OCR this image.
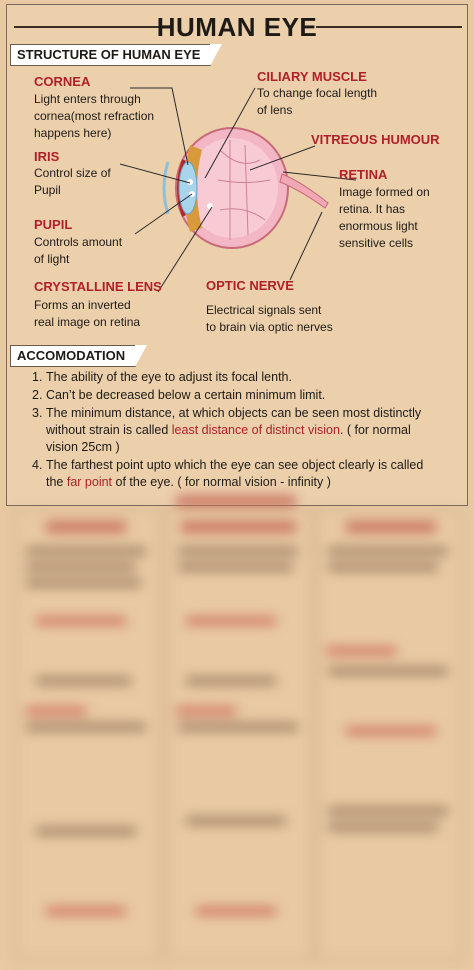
HUMAN EYE
STRUCTURE OF HUMAN EYE
CORNEA
Light enters through
cornea(most refraction
happens here)
IRIS
Control size of
Pupil
PUPIL
Controls amount
of light
CRYSTALLINE LENS
Forms an inverted
real image on retina
CILIARY MUSCLE
To change focal length
of lens
VITREOUS HUMOUR
RETINA
Image formed on
retina. It has
enormous light
sensitive cells
OPTIC NERVE
Electrical signals sent
to brain via optic nerves
ACCOMODATION
1. The ability of the eye to adjust its focal lenth.
2. Can’t be decreased below a certain minimum limit.
3. The minimum distance, at which objects can be seen most distinctly without strain is called least distance of distinct vision. ( for normal vision 25cm )
4. The farthest point upto which the eye can see object clearly is called the far point of the eye. ( for normal vision - infinity )
